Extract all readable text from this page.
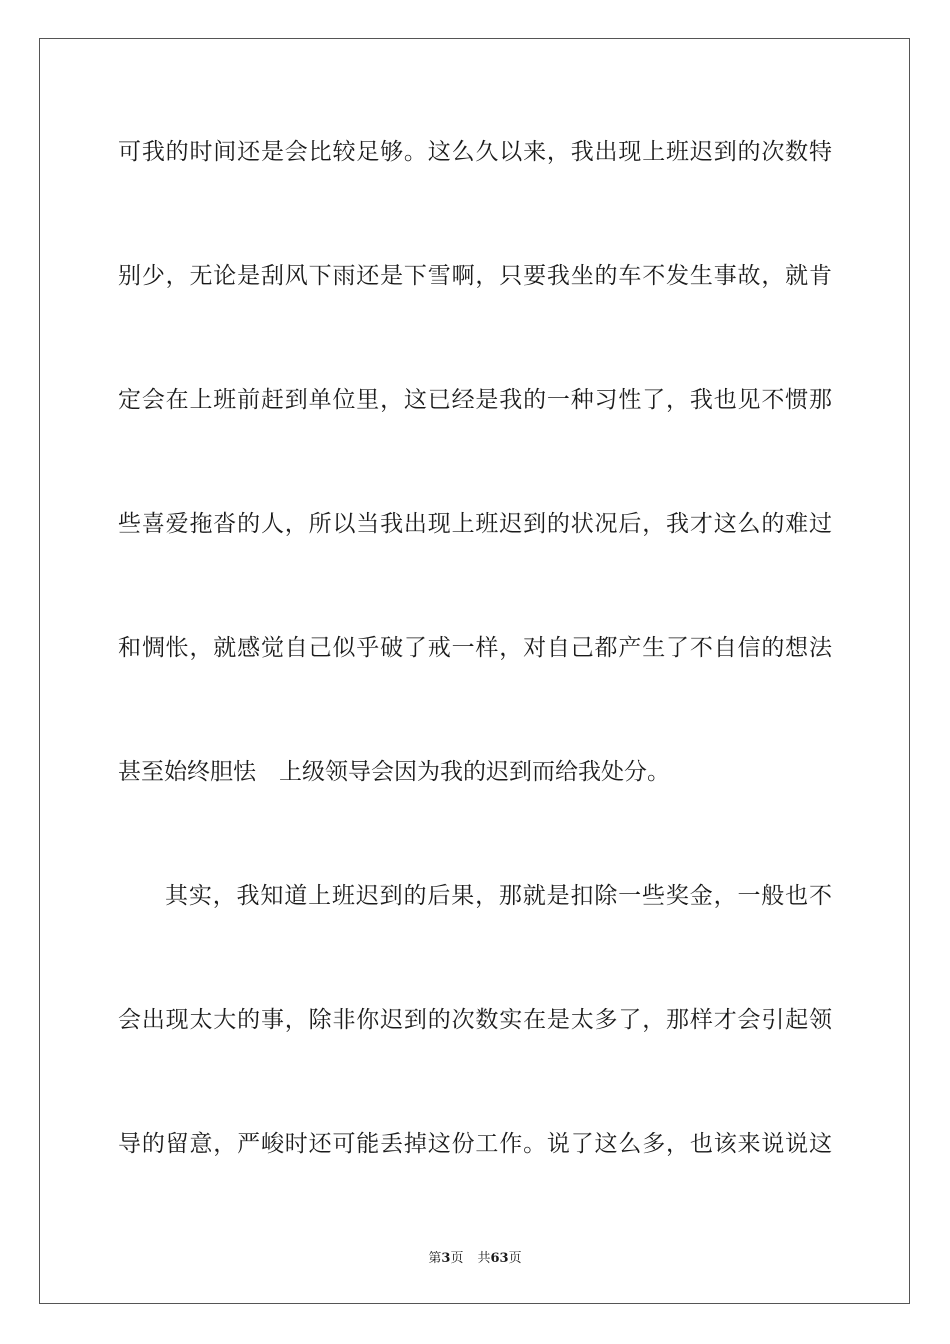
可我的时间还是会比较足够。这么久以来，我出现上班迟到的次数特
别少，无论是刮风下雨还是下雪啊，只要我坐的车不发生事故，就肯
定会在上班前赶到单位里，这已经是我的一种习性了，我也见不惯那
些喜爱拖沓的人，所以当我出现上班迟到的状况后，我才这么的难过
和惆怅，就感觉自己似乎破了戒一样，对自己都产生了不自信的想法
甚至始终胆怯　上级领导会因为我的迟到而给我处分。
其实，我知道上班迟到的后果，那就是扣除一些奖金，一般也不
会出现太大的事，除非你迟到的次数实在是太多了，那样才会引起领
导的留意，严峻时还可能丢掉这份工作。说了这么多，也该来说说这
第3页 共63页
